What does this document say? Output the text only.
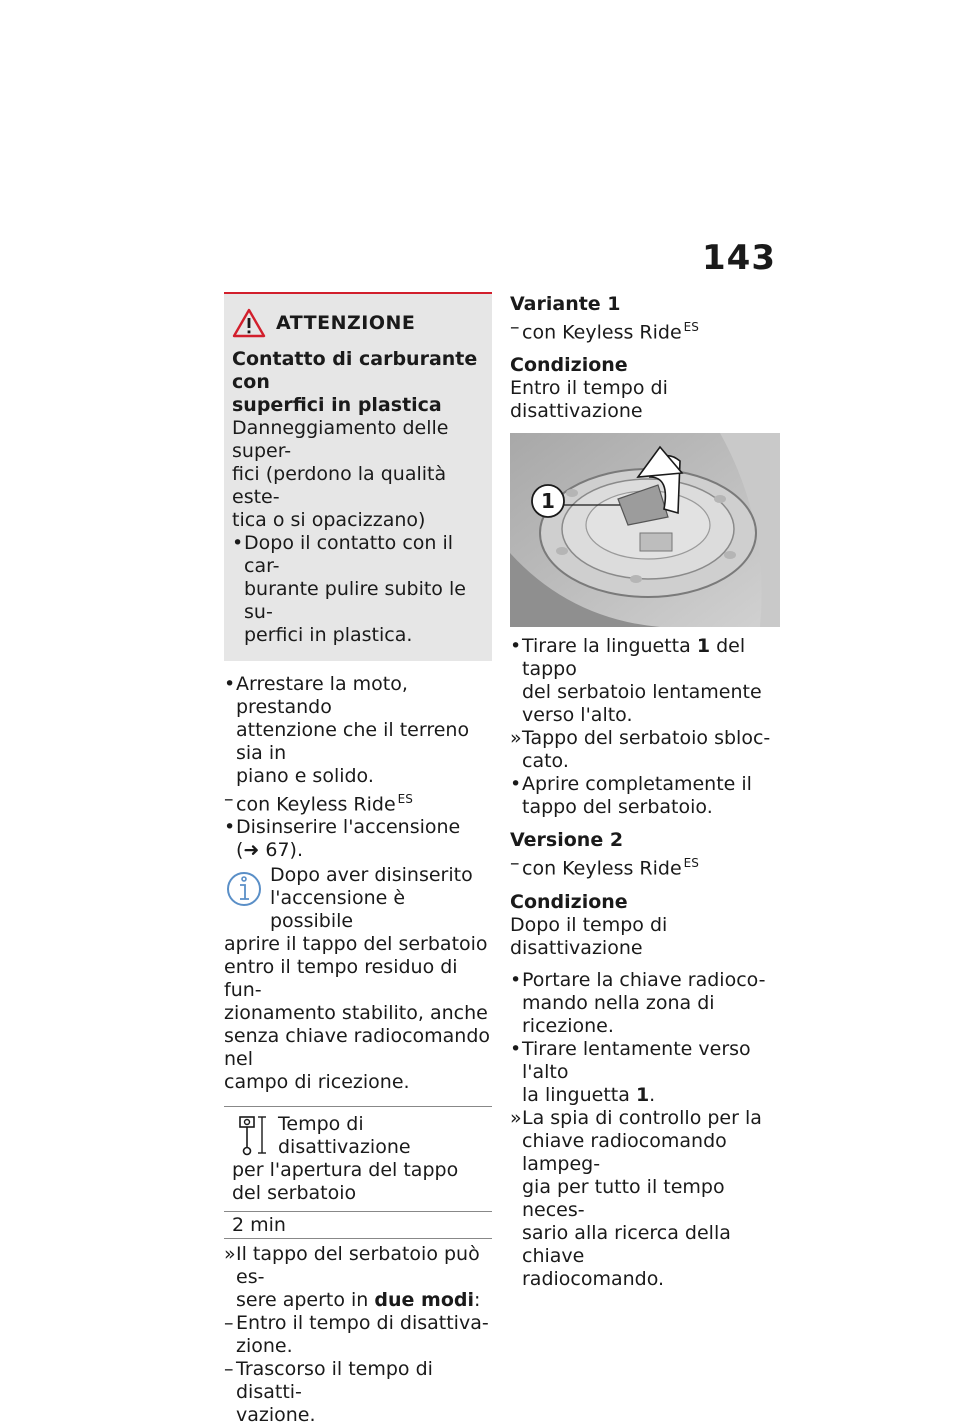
143
ATTENZIONE
Contatto di carburante con
superfici in plastica
Danneggiamento delle super-
fici (perdono la qualità este-
tica o si opacizzano)
• Dopo il contatto con il car-
burante pulire subito le su-
perfici in plastica.
• Arrestare la moto, prestando
attenzione che il terreno sia in
piano e solido.
– con Keyless Ride $^{ES}$
• Disinserire l'accensione
(➜ 67).
Dopo aver disinserito
l'accensione è possibile
aprire il tappo del serbatoio
entro il tempo residuo di fun-
zionamento stabilito, anche
senza chiave radiocomando nel
campo di ricezione.
Tempo di disattivazione
per l'apertura del tappo
del serbatoio
2 min
» Il tappo del serbatoio può es-
sere aperto in due modi:
– Entro il tempo di disattiva-
zione.
– Trascorso il tempo di disatti-
vazione.
Variante 1
– con Keyless Ride $^{ES}$
Condizione
Entro il tempo di disattivazione
1
• Tirare la linguetta 1 del tappo
del serbatoio lentamente
verso l'alto.
» Tappo del serbatoio sbloc-
cato.
• Aprire completamente il
tappo del serbatoio.
Versione 2
– con Keyless Ride $^{ES}$
Condizione
Dopo il tempo di disattivazione
• Portare la chiave radioco-
mando nella zona di ricezione.
• Tirare lentamente verso l'alto
la linguetta 1.
» La spia di controllo per la
chiave radiocomando lampeg-
gia per tutto il tempo neces-
sario alla ricerca della chiave
radiocomando.
